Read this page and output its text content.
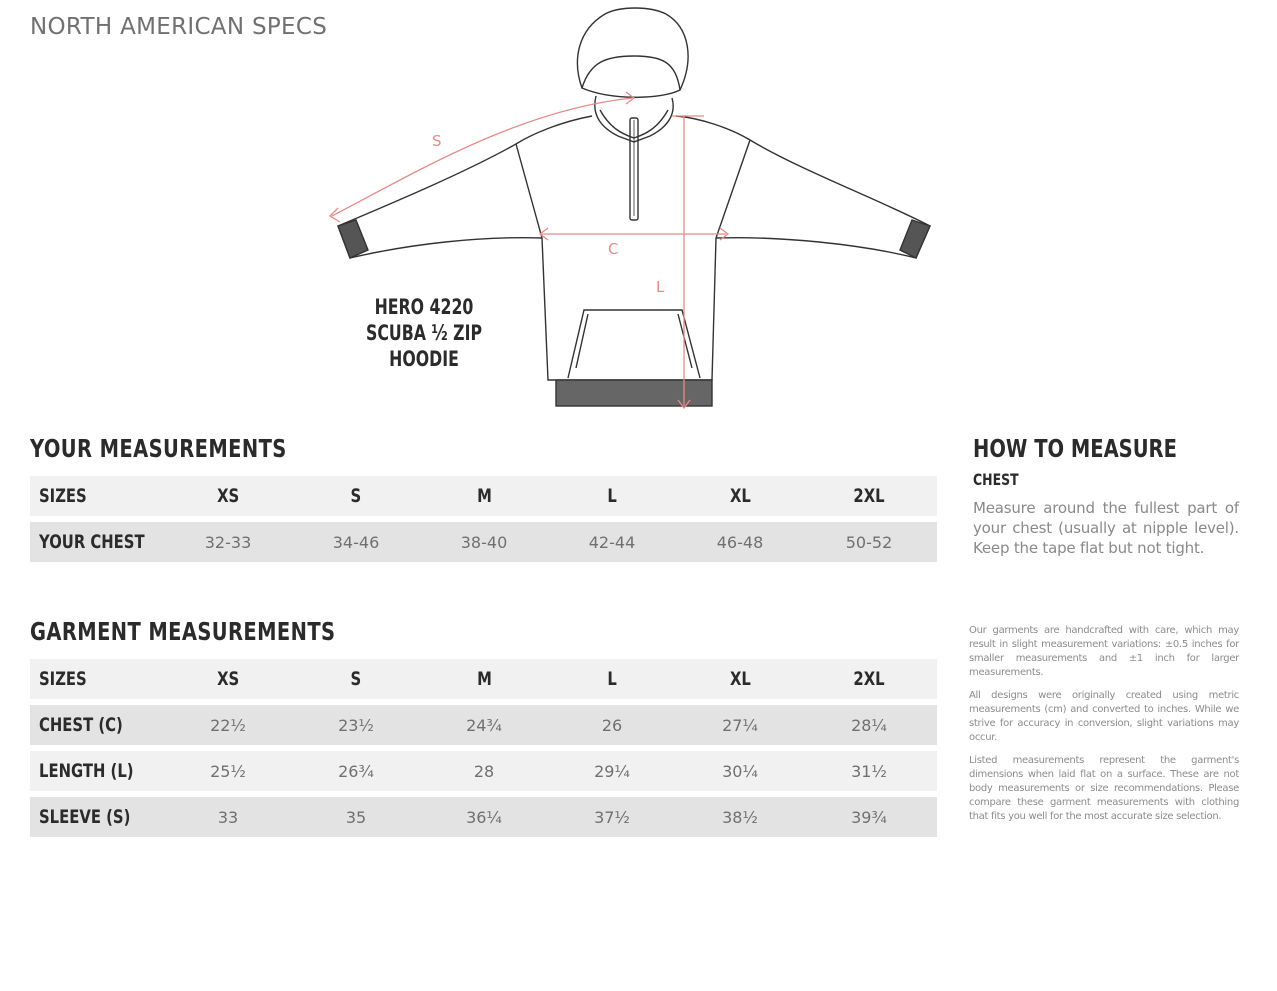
NORTH AMERICAN SPECS
S
C
L
HERO 4220
SCUBA ½ ZIP HOODIE
YOUR MEASUREMENTS
SIZES	XS	S	M	L	XL	2XL
YOUR CHEST	32-33	34-46	38-40	42-44	46-48	50-52
GARMENT MEASUREMENTS
SIZES	XS	S	M	L	XL	2XL
CHEST (C)	22½	23½	24¾	26	27¼	28¼
LENGTH (L)	25½	26¾	28	29¼	30¼	31½
SLEEVE (S)	33	35	36¼	37½	38½	39¾
HOW TO MEASURE
CHEST
Measure around the fullest part of your chest (usually at nipple level). Keep the tape flat but not tight.

Our garments are handcrafted with care, which may result in slight measurement variations: ±0.5 inches for smaller measurements and ±1 inch for larger measurements.

All designs were originally created using metric measurements (cm) and converted to inches. While we strive for accuracy in conversion, slight variations may occur.

Listed measurements represent the garment's dimensions when laid flat on a surface. These are not body measurements or size recommendations. Please compare these garment measurements with clothing that fits you well for the most accurate size selection.
